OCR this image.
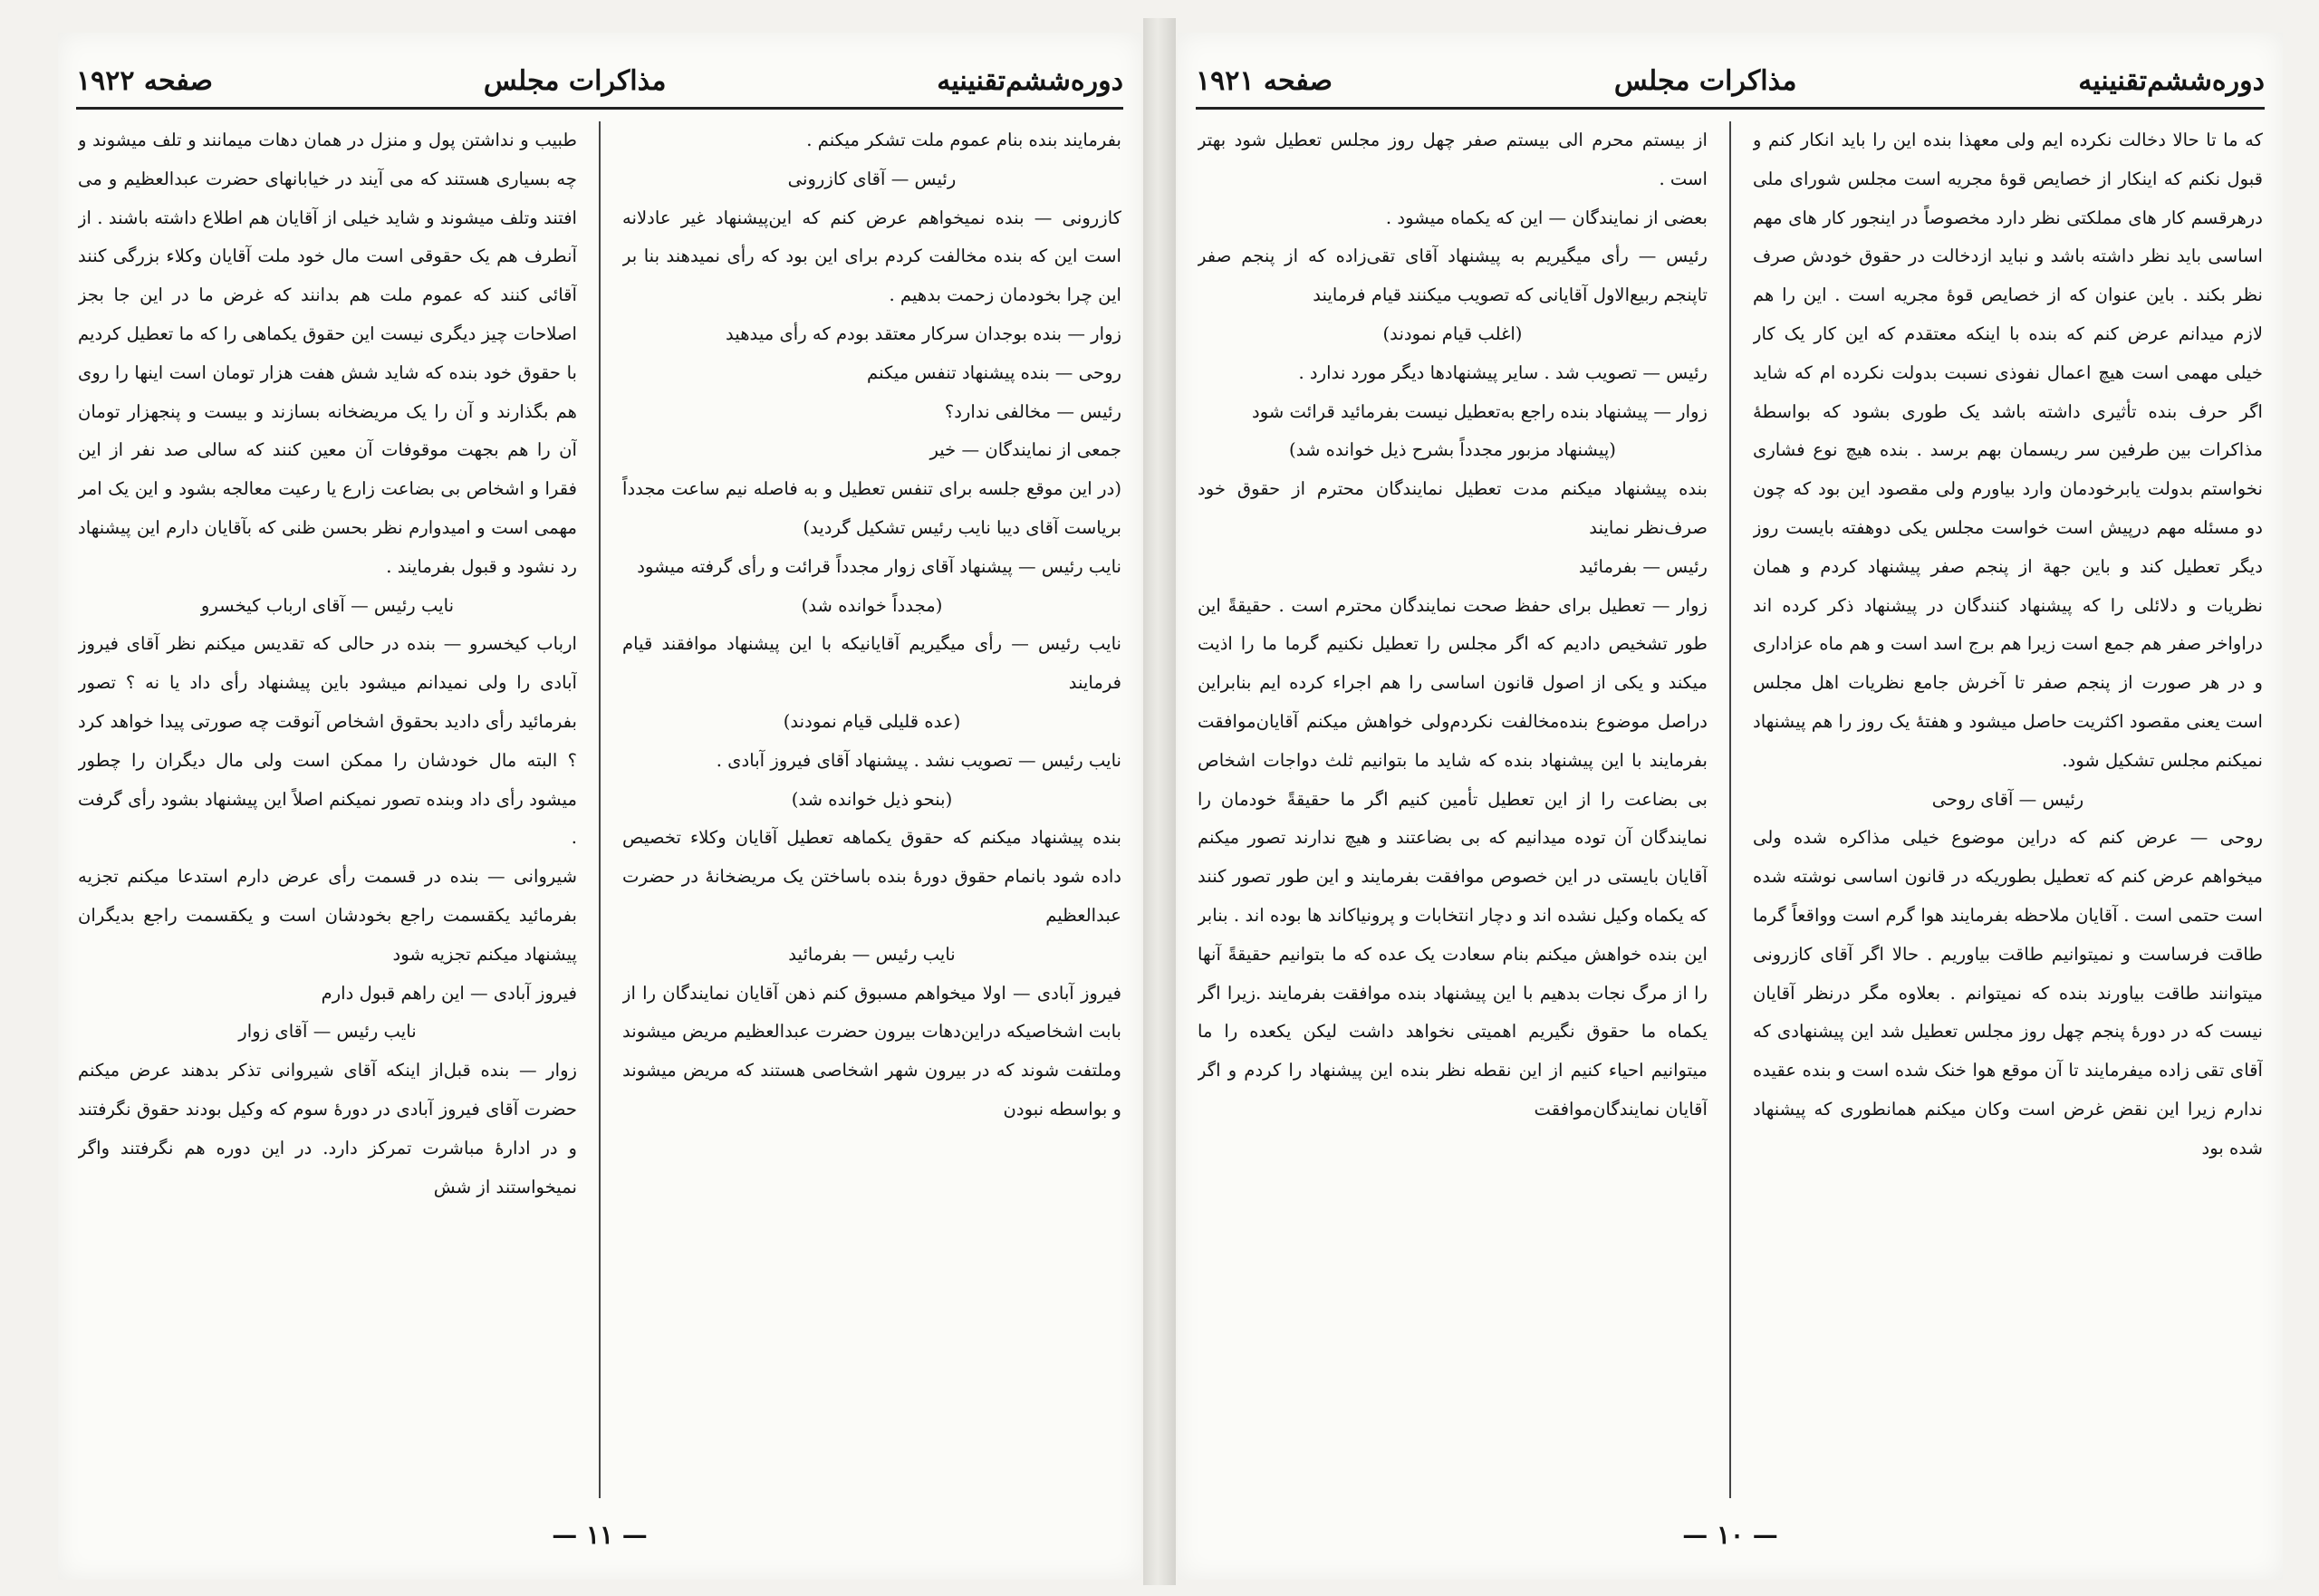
دوره‌ششم‌تقنینیه
مذاکرات مجلس
صفحه ۱۹۲۲

بفرمایند بنده بنام عموم ملت تشکر میکنم .

رئیس — آقای کازرونی

کازرونی — بنده نمیخواهم عرض کنم که این‌پیشنهاد غیر عادلانه است این که بنده مخالفت کردم برای این بود که رأی نمیدهند بنا بر این چرا بخودمان زحمت بدهیم .

زوار — بنده بوجدان سرکار معتقد بودم که رأی میدهید

روحی — بنده پیشنهاد تنفس میکنم

رئیس — مخالفی ندارد؟

جمعی از نمایندگان — خیر

(در این موقع جلسه برای تنفس تعطیل و به فاصله نیم ساعت مجدداً بریاست آقای دیبا نایب رئیس تشکیل گردید)

نایب رئیس — پیشنهاد آقای زوار مجدداً قرائت و رأی گرفته میشود

(مجدداً خوانده شد)

نایب رئیس — رأی میگیریم آقایانیکه با این پیشنهاد موافقند قیام فرمایند

(عده قلیلی قیام نمودند)

نایب رئیس — تصویب نشد . پیشنهاد آقای فیروز آبادی .

(بنحو ذیل خوانده شد)

بنده پیشنهاد میکنم که حقوق یکماهه تعطیل آقایان وکلاء تخصیص داده شود بانمام حقوق دورهٔ بنده باساختن یک مریضخانهٔ در حضرت عبدالعظیم

نایب رئیس — بفرمائید

فیروز آبادی — اولا میخواهم مسبوق کنم ذهن آقایان نمایندگان را از بابت اشخاصیکه دراین‌دهات بیرون حضرت عبدالعظیم مریض میشوند وملتفت شوند که در بیرون شهر اشخاصی هستند که مریض میشوند و بواسطه نبودن

طبیب و نداشتن پول و منزل در همان دهات میمانند و تلف میشوند و چه بسیاری هستند که می آیند در خیابانهای حضرت عبدالعظیم و می افتند وتلف میشوند و شاید خیلی از آقایان هم اطلاع داشته باشند . از آنطرف هم یک حقوقی است مال خود ملت آقایان وکلاء بزرگی کنند آقائی کنند که عموم ملت هم بدانند که غرض ما در این جا بجز اصلاحات چیز دیگری نیست این حقوق یکماهی را که ما تعطیل کردیم با حقوق خود بنده که شاید شش هفت هزار تومان است اینها را روی هم بگذارند و آن را یک مریضخانه بسازند و بیست و پنجهزار تومان آن را هم بجهت موقوفات آن معین کنند که سالی صد نفر از این فقرا و اشخاص بی بضاعت زارع یا رعیت معالجه بشود و این یک امر مهمی است و امیدوارم نظر بحسن ظنی که بآقایان دارم این پیشنهاد رد نشود و قبول بفرمایند .

نایب رئیس — آقای ارباب کیخسرو

ارباب کیخسرو — بنده در حالی که تقدیس میکنم نظر آقای فیروز آبادی را ولی نمیدانم میشود باین پیشنهاد رأی داد یا نه ؟ تصور بفرمائید رأی دادید بحقوق اشخاص آنوقت چه صورتی پیدا خواهد کرد ؟ البته مال خودشان را ممکن است ولی مال دیگران را چطور میشود رأی داد وبنده تصور نمیکنم اصلاً این پیشنهاد بشود رأی گرفت .

شیروانی — بنده در قسمت رأی عرض دارم استدعا میکنم تجزیه بفرمائید یکقسمت راجع بخودشان است و یکقسمت راجع بدیگران پیشنهاد میکنم تجزیه شود

فیروز آبادی — این راهم قبول دارم

نایب رئیس — آقای زوار

زوار — بنده قبل‌از اینکه آقای شیروانی تذکر بدهند عرض میکنم حضرت آقای فیروز آبادی در دورهٔ سوم که وکیل بودند حقوق نگرفتند و در ادارهٔ مباشرت تمرکز دارد. در این دوره هم نگرفتند واگر نمیخواستند از شش

— ۱۱ —
دوره‌ششم‌تقنینیه
مذاکرات مجلس
صفحه ۱۹۲۱

که ما تا حالا دخالت نکرده ایم ولی معهذا بنده این را باید انکار کنم و قبول نکنم که اینکار از خصایص قوهٔ مجریه است مجلس شورای ملی درهرقسم کار های مملکتی نظر دارد مخصوصاً در اینجور کار های مهم اساسی باید نظر داشته باشد و نباید ازدخالت در حقوق خودش صرف نظر بکند . باین عنوان که از خصایص قوهٔ مجریه است . این را هم لازم میدانم عرض کنم که بنده با اینکه معتقدم که این کار یک کار خیلی مهمی است هیچ اعمال نفوذی نسبت بدولت نکرده ام که شاید اگر حرف بنده تأثیری داشته باشد یک طوری بشود که بواسطهٔ مذاکرات بین طرفین سر ریسمان بهم برسد . بنده هیچ نوع فشاری نخواستم بدولت یابرخودمان وارد بیاورم ولی مقصود این بود که چون دو مسئله مهم درپیش است خواست مجلس یکی دوهفته بایست روز دیگر تعطیل کند و باین جهة از پنجم صفر پیشنهاد کردم و همان نظریات و دلائلی را که پیشنهاد کنندگان در پیشنهاد ذکر کرده اند دراواخر صفر هم جمع است زیرا هم برج اسد است و هم ماه عزاداری و در هر صورت از پنجم صفر تا آخرش جامع نظریات اهل مجلس است یعنی مقصود اکثریت حاصل میشود و هفتهٔ یک روز را هم پیشنهاد نمیکنم مجلس تشکیل شود.

رئیس — آقای روحی

روحی — عرض کنم که دراین موضوع خیلی مذاکره شده ولی میخواهم عرض کنم که تعطیل بطوریکه در قانون اساسی نوشته شده است حتمی است . آقایان ملاحظه بفرمایند هوا گرم است وواقعاً گرما طاقت فرساست و نمیتوانیم طاقت بیاوریم . حالا اگر آقای کازرونی میتوانند طاقت بیاورند بنده که نمیتوانم . بعلاوه مگر درنظر آقایان نیست که در دورهٔ پنجم چهل روز مجلس تعطیل شد این پیشنهادی که آقای تقی زاده میفرمایند تا آن موقع هوا خنک شده است و بنده عقیده ندارم زیرا این نقض غرض است وکان میکنم همانطوری که پیشنهاد شده بود

از بیستم محرم الی بیستم صفر چهل روز مجلس تعطیل شود بهتر است .

بعضی از نمایندگان — این که یکماه میشود .

رئیس — رأی میگیریم به پیشنهاد آقای تقی‌زاده که از پنجم صفر تاپنجم ربیع‌الاول آقایانی که تصویب میکنند قیام فرمایند

(اغلب قیام نمودند)

رئیس — تصویب شد . سایر پیشنهاد‌ها دیگر مورد ندارد .

زوار — پیشنهاد بنده راجع به‌تعطیل نیست بفرمائید قرائت شود

(پیشنهاد مزبور مجدداً بشرح ذیل خوانده شد)

بنده پیشنهاد میکنم مدت تعطیل نمایندگان محترم از حقوق خود صرف‌نظر نمایند

رئیس — بفرمائید

زوار — تعطیل برای حفظ صحت نمایندگان محترم است . حقیقةً این طور تشخیص دادیم که اگر مجلس را تعطیل نکنیم گرما ما را اذیت میکند و یکی از اصول قانون اساسی را هم اجراء کرده ایم بنابراین دراصل موضوع بنده‌مخالفت نکردم‌ولی خواهش میکنم آقایان‌موافقت بفرمایند با این پیشنهاد بنده که شاید ما بتوانیم ثلث دواجات اشخاص بی بضاعت را از این تعطیل تأمین کنیم اگر ما حقیقةً خودمان را نمایندگان آن توده میدانیم که بی بضاعتند و هیچ ندارند تصور میکنم آقایان بایستی در این خصوص موافقت بفرمایند و این طور تصور کنند که یکماه وکیل نشده اند و دچار انتخابات و پرونیاکاند ها بوده اند . بنابر این بنده خواهش میکنم بنام سعادت یک عده که ما بتوانیم حقیقةً آنها را از مرگ نجات بدهیم با این پیشنهاد بنده موافقت بفرمایند .زیرا اگر یکماه ما حقوق نگیریم اهمیتی نخواهد داشت لیکن یکعده را ما میتوانیم احیاء کنیم از این نقطه نظر بنده این پیشنهاد را کردم و اگر آقایان نمایندگان‌موافقت

— ۱۰ —
